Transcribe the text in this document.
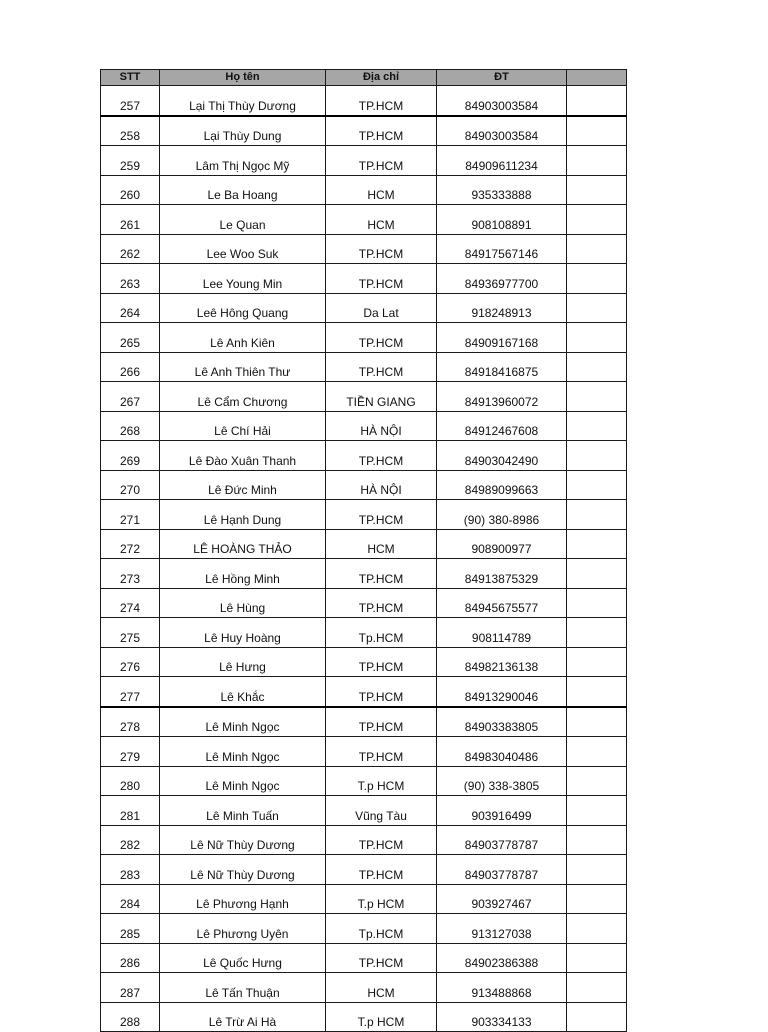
STT	Họ tên	Địa chỉ	ĐT	
257	Lại Thị Thùy Dương	TP.HCM	84903003584	
258	Lại Thùy Dung	TP.HCM	84903003584	
259	Lâm Thị Ngọc Mỹ	TP.HCM	84909611234	
260	Le Ba Hoang	HCM	935333888	
261	Le Quan	HCM	908108891	
262	Lee Woo Suk	TP.HCM	84917567146	
263	Lee Young Min	TP.HCM	84936977700	
264	Leê Hông Quang	Da Lat	918248913	
265	Lê Anh Kiên	TP.HCM	84909167168	
266	Lê Anh Thiên Thư	TP.HCM	84918416875	
267	Lê Cẩm Chương	TIỀN GIANG	84913960072	
268	Lê Chí Hải	HÀ NỘI	84912467608	
269	Lê Đào Xuân Thanh	TP.HCM	84903042490	
270	Lê Đức Minh	HÀ NỘI	84989099663	
271	Lê Hạnh Dung	TP.HCM	(90) 380-8986	
272	LÊ HOÀNG THẢO	HCM	908900977	
273	Lê Hồng Minh	TP.HCM	84913875329	
274	Lê Hùng	TP.HCM	84945675577	
275	Lê Huy Hoàng	Tp.HCM	908114789	
276	Lê Hưng	TP.HCM	84982136138	
277	Lê Khắc	TP.HCM	84913290046	
278	Lê Minh Ngọc	TP.HCM	84903383805	
279	Lê Minh Ngọc	TP.HCM	84983040486	
280	Lê Minh Ngọc	T.p HCM	(90) 338-3805	
281	Lê Minh Tuấn	Vũng Tàu	903916499	
282	Lê Nữ Thùy Dương	TP.HCM	84903778787	
283	Lê Nữ Thùy Dương	TP.HCM	84903778787	
284	Lê Phương Hạnh	T.p HCM	903927467	
285	Lê Phương Uyên	Tp.HCM	913127038	
286	Lê Quốc Hưng	TP.HCM	84902386388	
287	Lê Tấn Thuận	HCM	913488868	
288	Lê Trừ Ai Hà	T.p HCM	903334133	
